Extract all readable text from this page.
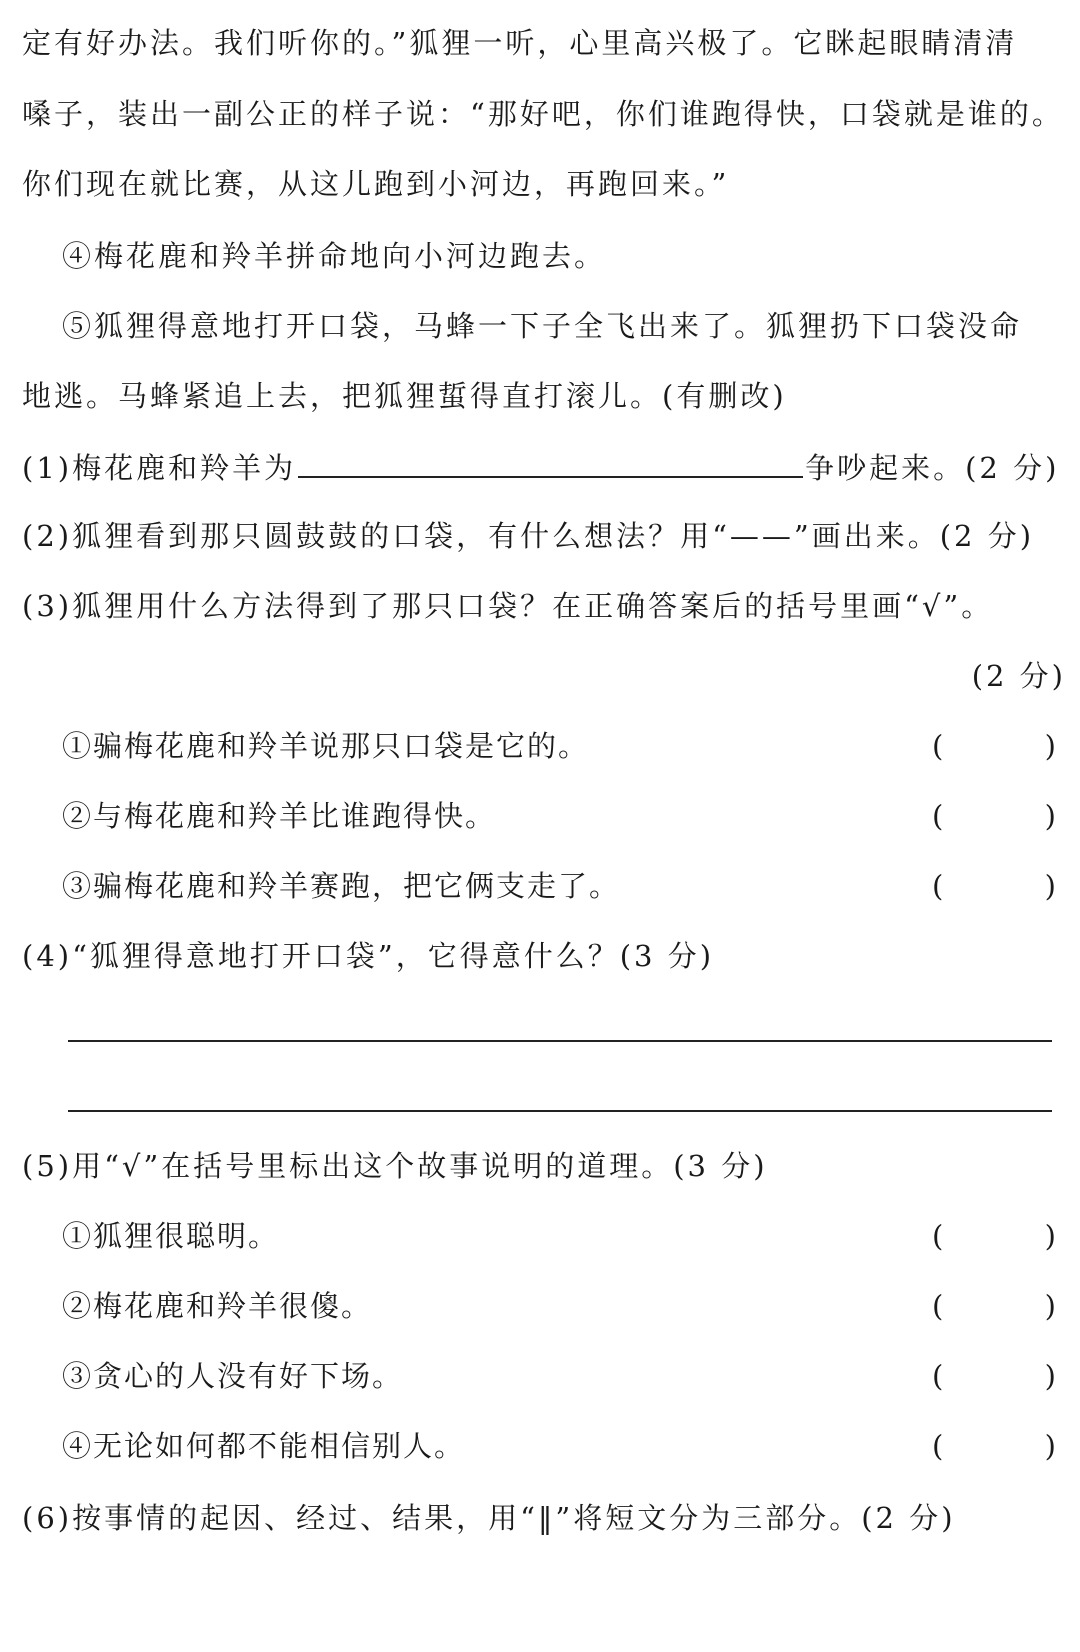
定有好办法。我们听你的。”狐狸一听，心里高兴极了。它眯起眼睛清清
嗓子，装出一副公正的样子说：“那好吧，你们谁跑得快，口袋就是谁的。
你们现在就比赛，从这儿跑到小河边，再跑回来。”
④梅花鹿和羚羊拼命地向小河边跑去。
⑤狐狸得意地打开口袋，马蜂一下子全飞出来了。狐狸扔下口袋没命
地逃。马蜂紧追上去，把狐狸蜇得直打滚儿。(有删改)
(1)梅花鹿和羚羊为	争吵起来。(2 分)
(2)狐狸看到那只圆鼓鼓的口袋，有什么想法？用“——”画出来。(2 分)
(3)狐狸用什么方法得到了那只口袋？在正确答案后的括号里画“√”。
(2 分)
①骗梅花鹿和羚羊说那只口袋是它的。	(	)
②与梅花鹿和羚羊比谁跑得快。	(	)
③骗梅花鹿和羚羊赛跑，把它俩支走了。	(	)
(4)“狐狸得意地打开口袋”，它得意什么？(3 分)
(5)用“√”在括号里标出这个故事说明的道理。(3 分)
①狐狸很聪明。	(	)
②梅花鹿和羚羊很傻。	(	)
③贪心的人没有好下场。	(	)
④无论如何都不能相信别人。	(	)
(6)按事情的起因、经过、结果，用“‖”将短文分为三部分。(2 分)
